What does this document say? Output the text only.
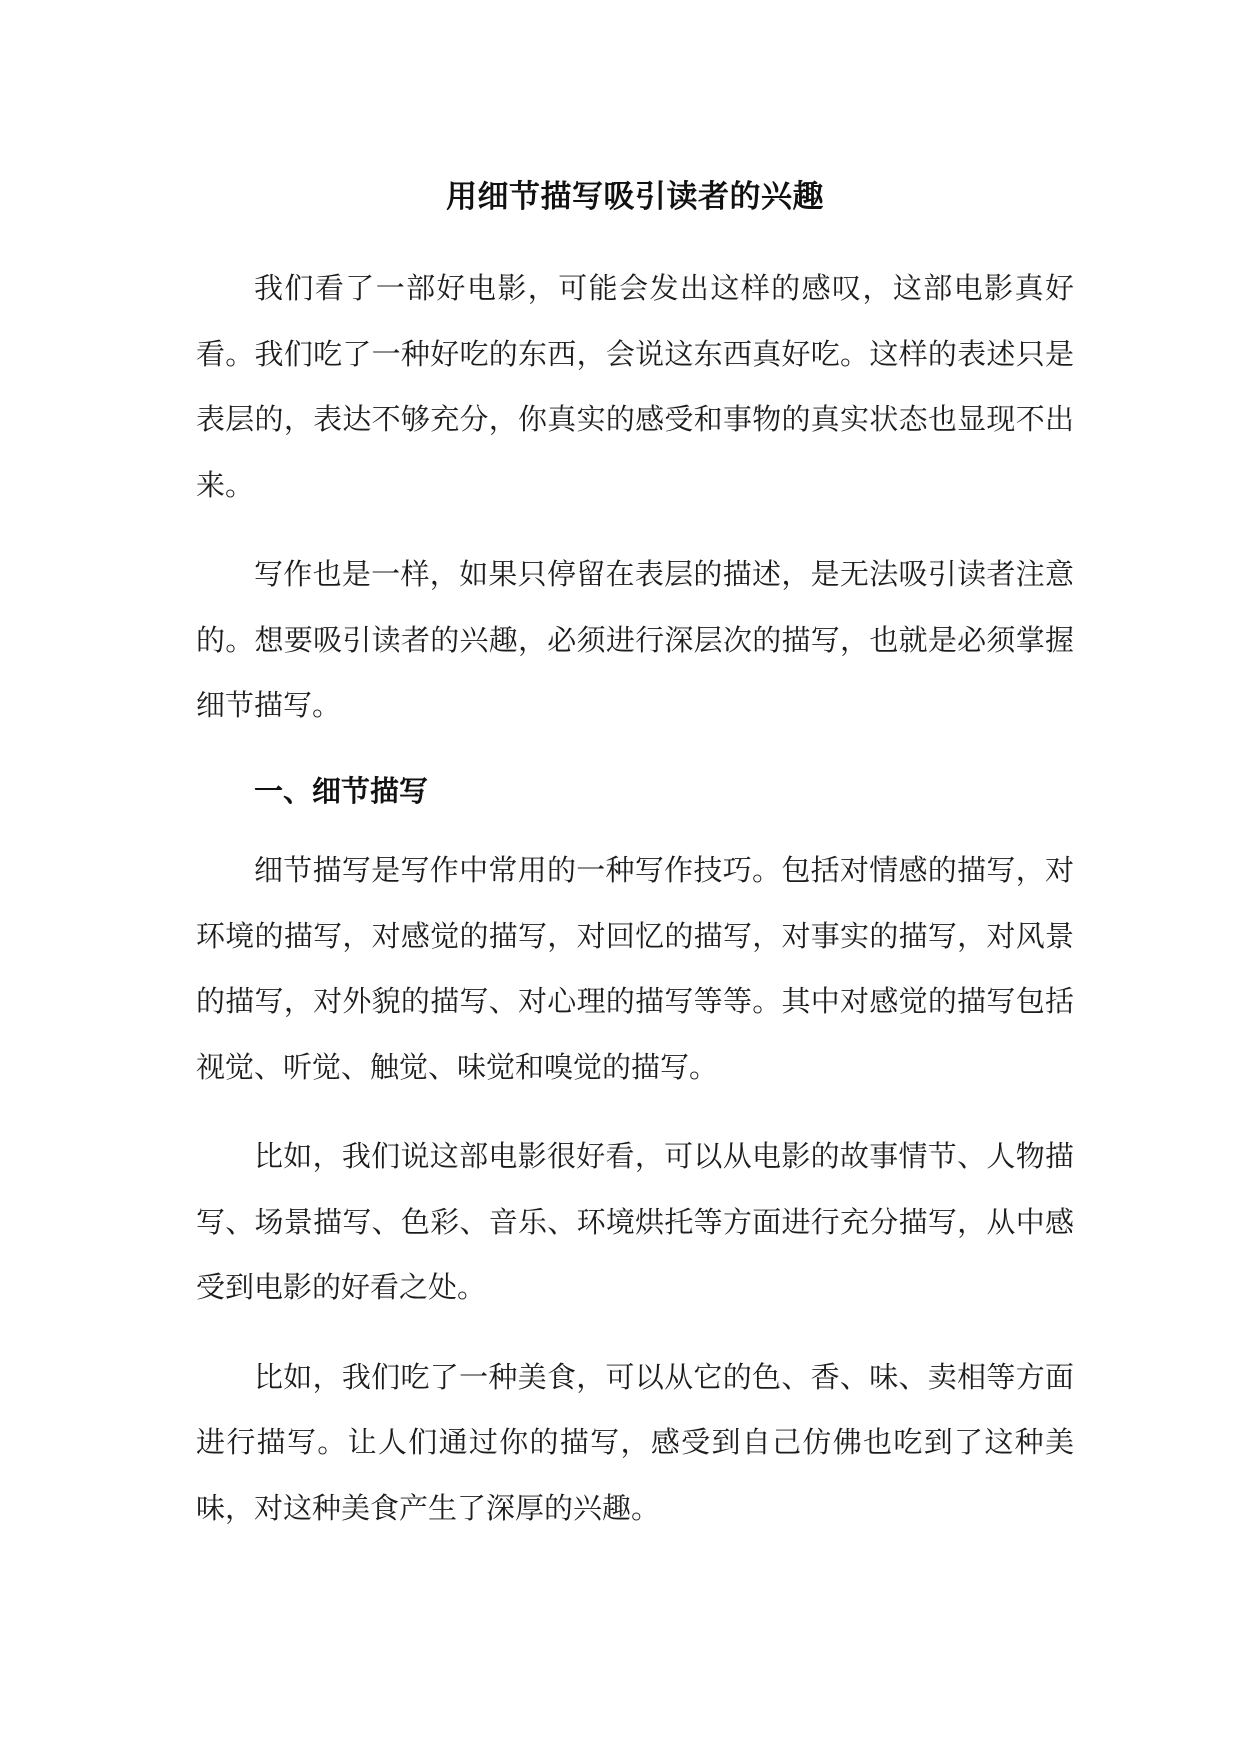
用细节描写吸引读者的兴趣

我们看了一部好电影，可能会发出这样的感叹，这部电影真好看。我们吃了一种好吃的东西，会说这东西真好吃。这样的表述只是表层的，表达不够充分，你真实的感受和事物的真实状态也显现不出来。

写作也是一样，如果只停留在表层的描述，是无法吸引读者注意的。想要吸引读者的兴趣，必须进行深层次的描写，也就是必须掌握细节描写。

一、细节描写

细节描写是写作中常用的一种写作技巧。包括对情感的描写，对环境的描写，对感觉的描写，对回忆的描写，对事实的描写，对风景的描写，对外貌的描写、对心理的描写等等。其中对感觉的描写包括视觉、听觉、触觉、味觉和嗅觉的描写。

比如，我们说这部电影很好看，可以从电影的故事情节、人物描写、场景描写、色彩、音乐、环境烘托等方面进行充分描写，从中感受到电影的好看之处。

比如，我们吃了一种美食，可以从它的色、香、味、卖相等方面进行描写。让人们通过你的描写，感受到自己仿佛也吃到了这种美味，对这种美食产生了深厚的兴趣。
